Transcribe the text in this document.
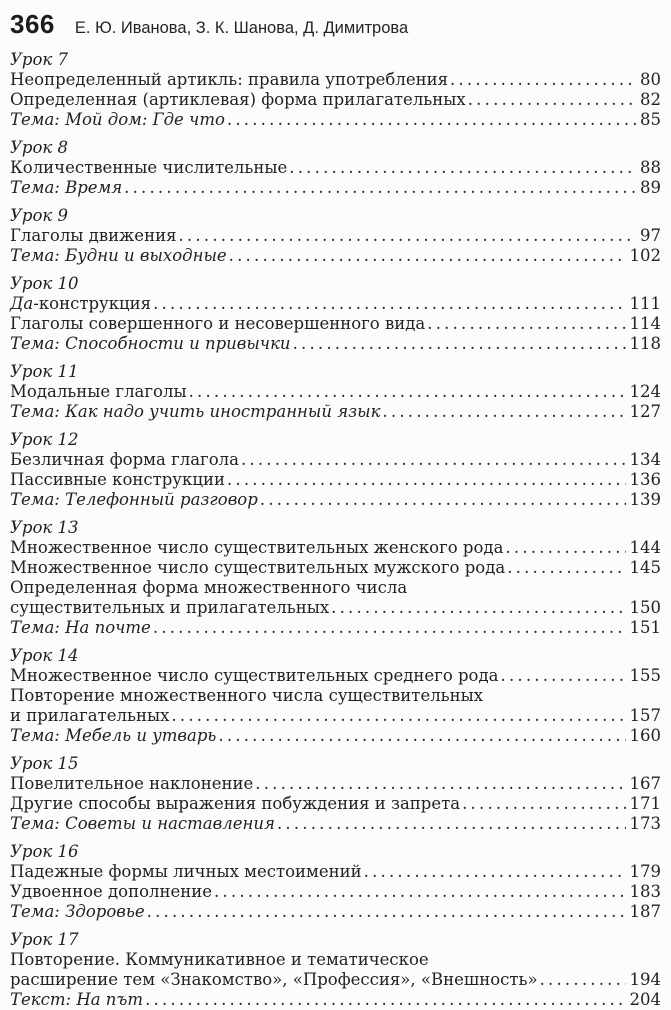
366 Е. Ю. Иванова, З. К. Шанова, Д. Димитрова
Урок 7
Неопределенный артикль: правила употребления .....	80
Определенная (артиклевая) форма прилагательных .....	82
Тема: Мой дом: Где что .....	85
Урок 8
Количественные числительные .....	88
Тема: Время .....	89
Урок 9
Глаголы движения .....	97
Тема: Будни и выходные .....	102
Урок 10
Да -конструкция .....	111
Глаголы совершенного и несовершенного вида .....	114
Тема: Способности и привычки .....	118
Урок 11
Модальные глаголы .....	124
Тема: Как надо учить иностранный язык .....	127
Урок 12
Безличная форма глагола .....	134
Пассивные конструкции .....	136
Тема: Телефонный разговор .....	139
Урок 13
Множественное число существительных женского рода .....	144
Множественное число существительных мужского рода .....	145
Определенная форма множественного числа
существительных и прилагательных .....	150
Тема: На почте .....	151
Урок 14
Множественное число существительных среднего рода .....	155
Повторение множественного числа существительных
и прилагательных .....	157
Тема: Мебель и утварь .....	160
Урок 15
Повелительное наклонение .....	167
Другие способы выражения побуждения и запрета .....	171
Тема: Советы и наставления .....	173
Урок 16
Падежные формы личных местоимений .....	179
Удвоенное дополнение .....	183
Тема: Здоровье .....	187
Урок 17
Повторение. Коммуникативное и тематическое
расширение тем «Знакомство», «Профессия», «Внешность» .....	194
Текст: На път .....	204
